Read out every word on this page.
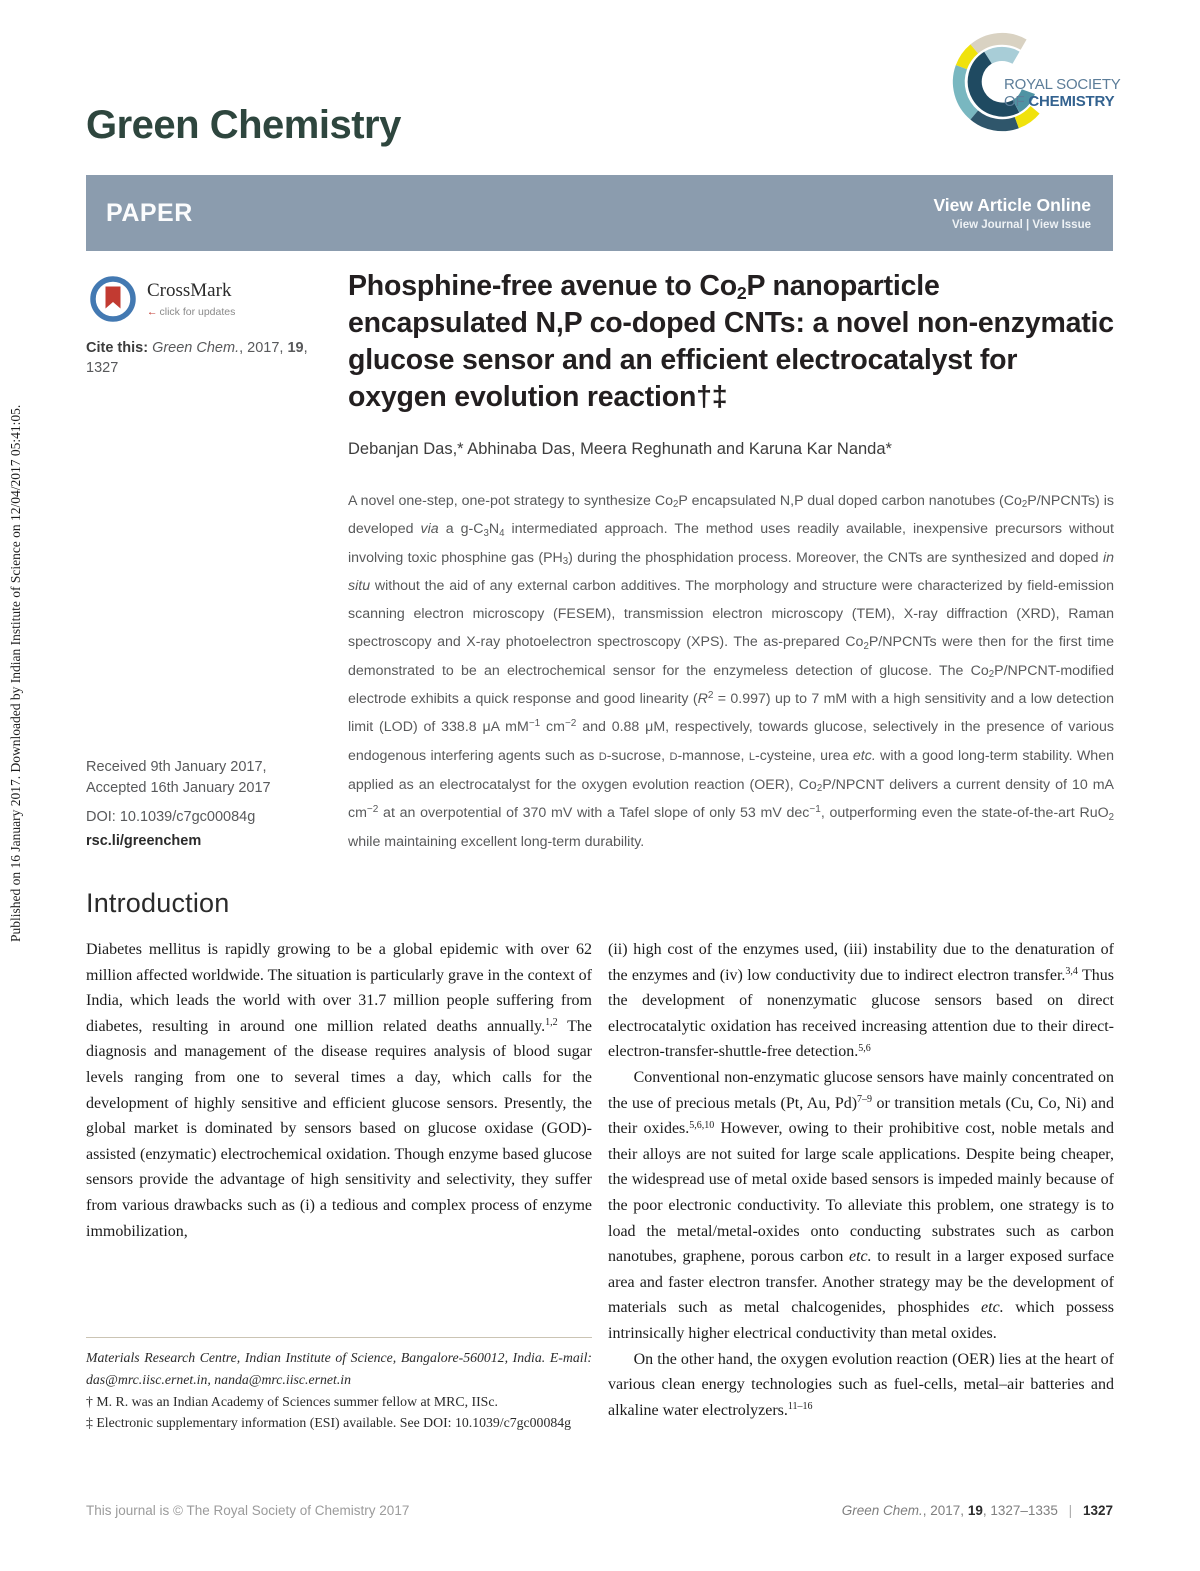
Published on 16 January 2017. Downloaded by Indian Institute of Science on 12/04/2017 05:41:05.
Green Chemistry
ROYAL SOCIETY
OF CHEMISTRY
PAPER	View Article Online
View Journal | View Issue
CrossMark
← click for updates
Cite this: Green Chem., 2017, 19, 1327
Phosphine-free avenue to $Co_2P$ nanoparticle encapsulated N,P co-doped CNTs: a novel non-enzymatic glucose sensor and an efficient electrocatalyst for oxygen evolution reaction†‡
Debanjan Das,* Abhinaba Das, Meera Reghunath and Karuna Kar Nanda*
A novel one-step, one-pot strategy to synthesize $Co_2P$ encapsulated N,P dual doped carbon nanotubes $(Co_2P/NPCNTs)$ is developed via a $g-C_3N_4$ intermediated approach. The method uses readily available, inexpensive precursors without involving toxic phosphine gas $(PH_3)$ during the phosphidation process. Moreover, the CNTs are synthesized and doped in situ without the aid of any external carbon additives. The morphology and structure were characterized by field-emission scanning electron microscopy (FESEM), transmission electron microscopy (TEM), X-ray diffraction (XRD), Raman spectroscopy and X-ray photoelectron spectroscopy (XPS). The as-prepared $Co_2P$/NPCNTs were then for the first time demonstrated to be an electrochemical sensor for the enzymeless detection of glucose. The $Co_2P/NPCNT$-modified electrode exhibits a quick response and good linearity $(R^2 = 0.997)$ up to 7 mM with a high sensitivity and a low detection limit (LOD) of 338.8 μA $mM^{-1}$ $cm^{-2}$ and 0.88 μM, respectively, towards glucose, selectively in the presence of various endogenous interfering agents such as D-sucrose, D-mannose, L-cysteine, urea etc. with a good long-term stability. When applied as an electrocatalyst for the oxygen evolution reaction (OER), $Co_2P$/NPCNT delivers a current density of 10 mA $cm^{-2}$ at an overpotential of 370 mV with a Tafel slope of only 53 mV dec$^{-1}$, outperforming even the state-of-the-art RuO$_2$ while maintaining excellent long-term durability.
Received 9th January 2017,
Accepted 16th January 2017
DOI: 10.1039/c7gc00084g
rsc.li/greenchem
Introduction

Diabetes mellitus is rapidly growing to be a global epidemic with over 62 million affected worldwide. The situation is particularly grave in the context of India, which leads the world with over 31.7 million people suffering from diabetes, resulting in around one million related deaths annually.$^{1,2}$ The diagnosis and management of the disease requires analysis of blood sugar levels ranging from one to several times a day, which calls for the development of highly sensitive and efficient glucose sensors. Presently, the global market is dominated by sensors based on glucose oxidase (GOD)-assisted (enzymatic) electrochemical oxidation. Though enzyme based glucose sensors provide the advantage of high sensitivity and selectivity, they suffer from various drawbacks such as (i) a tedious and complex process of enzyme immobilization,

(ii) high cost of the enzymes used, (iii) instability due to the denaturation of the enzymes and (iv) low conductivity due to indirect electron transfer.$^{3,4}$ Thus the development of nonenzymatic glucose sensors based on direct electrocatalytic oxidation has received increasing attention due to their direct-electron-transfer-shuttle-free detection.$^{5,6}$

Conventional non-enzymatic glucose sensors have mainly concentrated on the use of precious metals (Pt, Au, Pd)$^{7-9}$ or transition metals (Cu, Co, Ni) and their oxides.$^{5,6,10}$ However, owing to their prohibitive cost, noble metals and their alloys are not suited for large scale applications. Despite being cheaper, the widespread use of metal oxide based sensors is impeded mainly because of the poor electronic conductivity. To alleviate this problem, one strategy is to load the metal/metal-oxides onto conducting substrates such as carbon nanotubes, graphene, porous carbon etc. to result in a larger exposed surface area and faster electron transfer. Another strategy may be the development of materials such as metal chalcogenides, phosphides etc. which possess intrinsically higher electrical conductivity than metal oxides.

On the other hand, the oxygen evolution reaction (OER) lies at the heart of various clean energy technologies such as fuel-cells, metal–air batteries and alkaline water electrolyzers.$^{11-16}$

Materials Research Centre, Indian Institute of Science, Bangalore-560012, India. E-mail: das@mrc.iisc.ernet.in, nanda@mrc.iisc.ernet.in
† M. R. was an Indian Academy of Sciences summer fellow at MRC, IISc.
‡ Electronic supplementary information (ESI) available. See DOI: 10.1039/c7gc00084g
This journal is © The Royal Society of Chemistry 2017	Green Chem., 2017, 19, 1327–1335 | 1327
